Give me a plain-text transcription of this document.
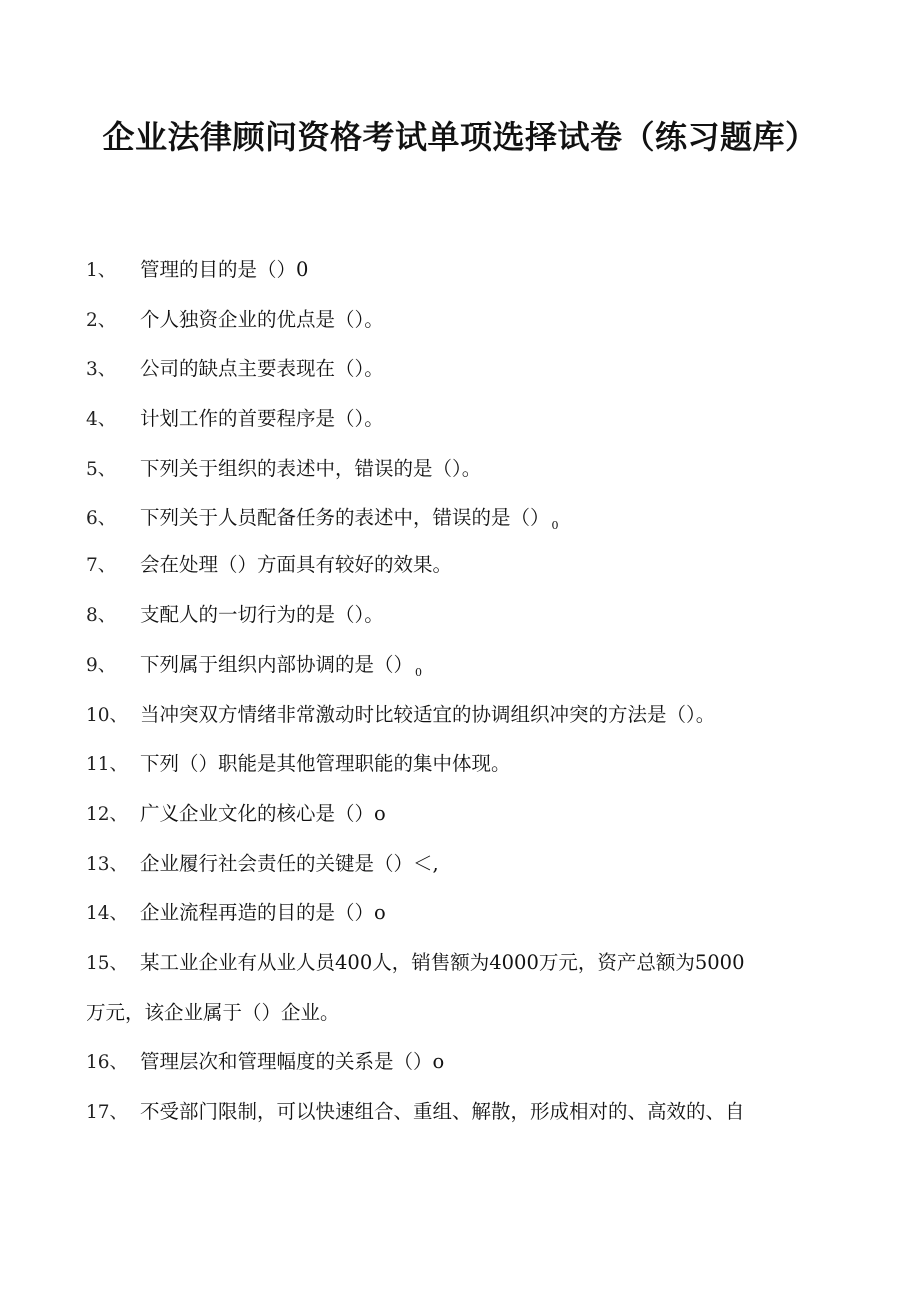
企业法律顾问资格考试单项选择试卷（练习题库）
1、 管理的目的是（）0
2、 个人独资企业的优点是（）。
3、 公司的缺点主要表现在（）。
4、 计划工作的首要程序是（）。
5、 下列关于组织的表述中，错误的是（）。
6、 下列关于人员配备任务的表述中，错误的是（） $_0$
7、 会在处理（）方面具有较好的效果。
8、 支配人的一切行为的是（）。
9、 下列属于组织内部协调的是（） $_0$
10、 当冲突双方情绪非常激动时比较适宜的协调组织冲突的方法是（）。
11、 下列（）职能是其他管理职能的集中体现。
12、 广义企业文化的核心是（）o
13、 企业履行社会责任的关键是（）＜,
14、 企业流程再造的目的是（）o
15、 某工业企业有从业人员400人，销售额为4000万元，资产总额为5000
万元，该企业属于（）企业。
16、 管理层次和管理幅度的关系是（）o
17、 不受部门限制，可以快速组合、重组、解散，形成相对的、高效的、自
